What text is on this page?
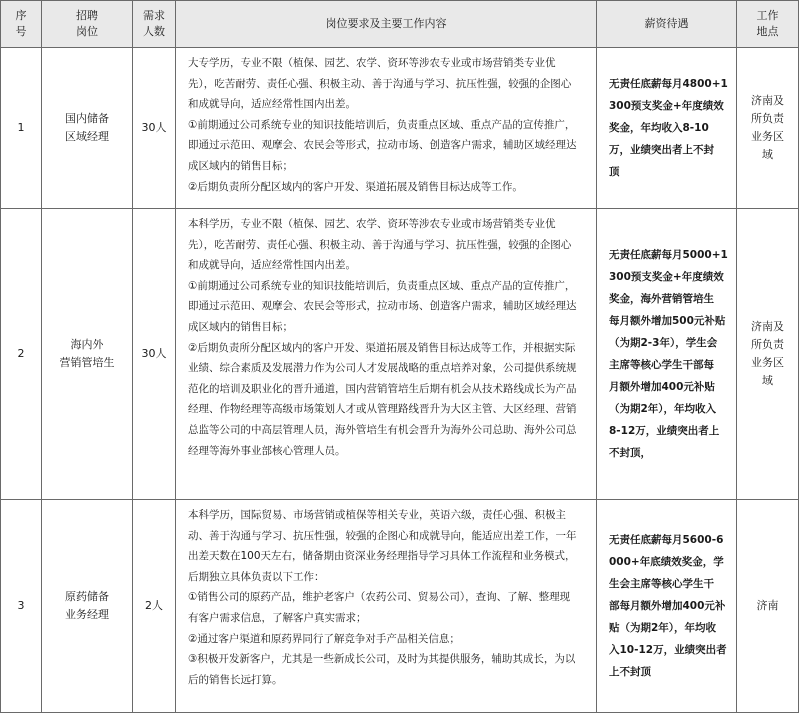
序
号
招聘
岗位
需求
人数
岗位要求及主要工作内容	薪资待遇
工作
地点
1
国内储备
区域经理
30人
大专学历，专业不限（植保、园艺、农学、资环等涉农专业或市场营销类专业优
先），吃苦耐劳、责任心强、积极主动、善于沟通与学习、抗压性强，较强的企图心
和成就导向，适应经常性国内出差。
①前期通过公司系统专业的知识技能培训后，负责重点区域、重点产品的宣传推广，
即通过示范田、观摩会、农民会等形式，拉动市场、创造客户需求，辅助区域经理达
成区域内的销售目标；
②后期负责所分配区域内的客户开发、渠道拓展及销售目标达成等工作。
无责任底薪每月4800+1
300预支奖金+年度绩效
奖金，年均收入8-10
万，业绩突出者上不封
顶
济南及
所负责
业务区
域
2
海内外
营销管培生
30人
本科学历，专业不限（植保、园艺、农学、资环等涉农专业或市场营销类专业优
先），吃苦耐劳、责任心强、积极主动、善于沟通与学习、抗压性强，较强的企图心
和成就导向，适应经常性国内出差。
①前期通过公司系统专业的知识技能培训后，负责重点区域、重点产品的宣传推广，
即通过示范田、观摩会、农民会等形式，拉动市场、创造客户需求，辅助区域经理达
成区域内的销售目标；
②后期负责所分配区域内的客户开发、渠道拓展及销售目标达成等工作，并根据实际
业绩、综合素质及发展潜力作为公司人才发展战略的重点培养对象，公司提供系统规
范化的培训及职业化的晋升通道，国内营销管培生后期有机会从技术路线成长为产品
经理、作物经理等高级市场策划人才或从管理路线晋升为大区主管、大区经理、营销
总监等公司的中高层管理人员，海外管培生有机会晋升为海外公司总助、海外公司总
经理等海外事业部核心管理人员。
无责任底薪每月5000+1
300预支奖金+年度绩效
奖金，海外营销管培生
每月额外增加500元补贴
（为期2-3年），学生会
主席等核心学生干部每
月额外增加400元补贴
（为期2年），年均收入
8-12万，业绩突出者上
不封顶，
济南及
所负责
业务区
域
3
原药储备
业务经理
2人
本科学历，国际贸易、市场营销或植保等相关专业，英语六级，责任心强、积极主
动、善于沟通与学习、抗压性强，较强的企图心和成就导向，能适应出差工作，一年
出差天数在100天左右，储备期由资深业务经理指导学习具体工作流程和业务模式，
后期独立具体负责以下工作：
①销售公司的原药产品，维护老客户（农药公司、贸易公司），查询、了解、整理现
有客户需求信息，了解客户真实需求；
②通过客户渠道和原药界同行了解竞争对手产品相关信息；
③积极开发新客户，尤其是一些新成长公司，及时为其提供服务，辅助其成长，为以
后的销售长远打算。
无责任底薪每月5600-6
000+年底绩效奖金，学
生会主席等核心学生干
部每月额外增加400元补
贴（为期2年），年均收
入10-12万，业绩突出者
上不封顶
济南
